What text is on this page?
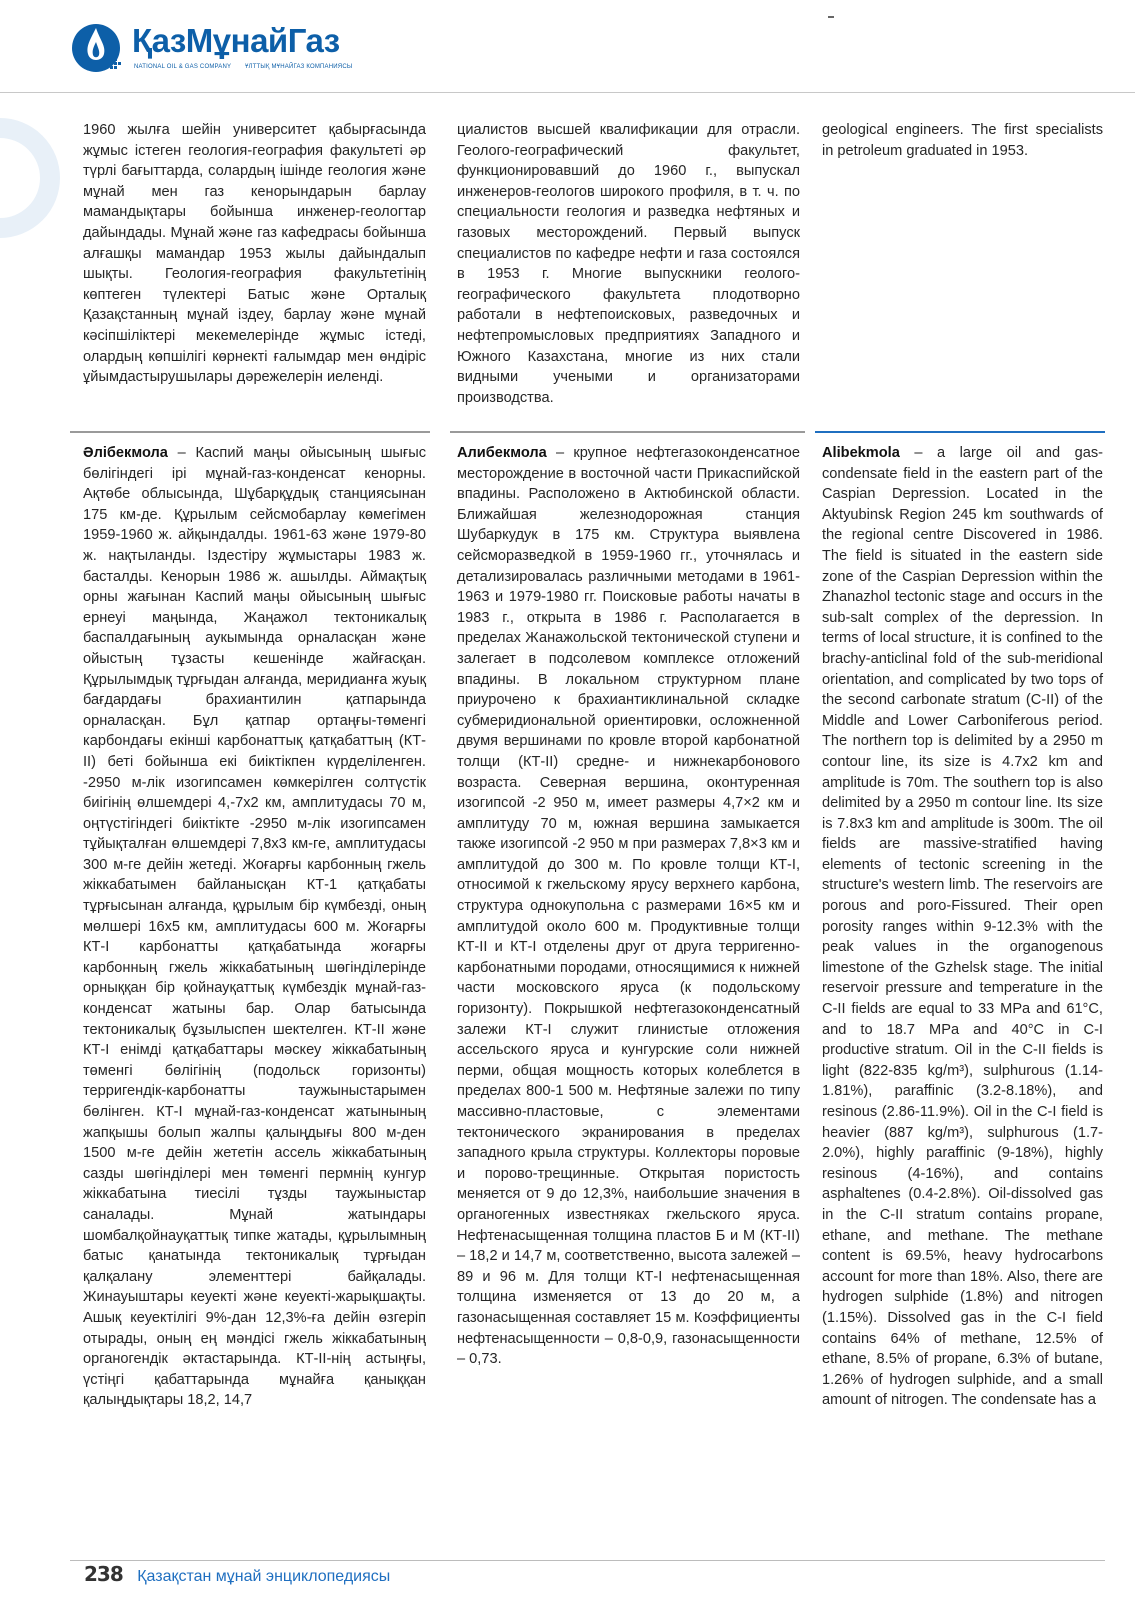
ҚазМұнайГаз
NATIONAL OIL & GAS COMPANY ҰЛТТЫҚ МҰНАЙГАЗ КОМПАНИЯСЫ
1960 жылға шейін университет қабырғасында жұмыс істеген геология-география факультеті әр түрлі бағыттарда, солардың ішінде геология және мұнай мен газ кенорындарын барлау мамандықтары бойынша инженер-геологтар дайындады. Мұнай және газ кафедрасы бойынша алғашқы мамандар 1953 жылы дайындалып шықты. Геология-география факультетінің көптеген түлектері Батыс және Орталық Қазақстанның мұнай іздеу, барлау және мұнай кәсіпшіліктері мекемелерінде жұмыс істеді, олардың көпшілігі көрнекті ғалымдар мен өндіріс ұйымдастырушылары дәрежелерін иеленді.
циалистов высшей квалификации для отрасли. Геолого-географический факультет, функционировавший до 1960 г., выпускал инженеров-геологов широкого профиля, в т. ч. по специальности геология и разведка нефтяных и газовых месторождений. Первый выпуск специалистов по кафедре нефти и газа состоялся в 1953 г. Многие выпускники геолого-географического факультета плодотворно работали в нефтепоисковых, разведочных и нефтепромысловых предприятиях Западного и Южного Казахстана, многие из них стали видными учеными и организаторами производства.
geological engineers. The first specialists in petroleum graduated in 1953.
Әлібекмола – Каспий маңы ойысының шығыс бөлігіндегі ірі мұнай-газ-конденсат кенорны. Ақтөбе облысында, Шұбарқұдық станциясынан 175 км-де. Құрылым сейсмобарлау көмегімен 1959-1960 ж. айқындалды. 1961-63 және 1979-80 ж. нақтыланды. Іздестіру жұмыстары 1983 ж. басталды. Кенорын 1986 ж. ашылды. Аймақтық орны жағынан Каспий маңы ойысының шығыс ернеуі маңында, Жаңажол тектоникалық баспалдағының аукымында орналасқан және ойыстың тұзасты кешенінде жайғасқан. Құрылымдық тұрғыдан алғанда, меридианға жуық бағдардағы брахиантилин қатпарында орналасқан. Бұл қатпар ортаңғы-төменгі карбондағы екінші карбонаттық қатқабаттың (КТ-ІІ) беті бойынша екі биіктікпен күрделіленген. -2950 м-лік изогипсамен көмкерілген солтүстік биігінің өлшемдері 4,-7х2 км, амплитудасы 70 м, оңтүстігіндегі биіктікте -2950 м-лік изогипсамен тұйықталған өлшемдері 7,8х3 км-ге, амплитудасы 300 м-ге дейін жетеді. Жоғарғы карбонның гжель жіккабатымен байланысқан КТ-1 қатқабаты тұрғысынан алғанда, құрылым бір күмбезді, оның мөлшері 16х5 км, амплитудасы 600 м. Жоғарғы КТ-І карбонатты қатқабатында жоғарғы карбонның гжель жіккабатының шөгінділерінде орныққан бір қойнауқаттық күмбездік мұнай-газ-конденсат жатыны бар. Олар батысында тектоникалық бұзылыспен шектелген. КТ-ІІ және КТ-І енімді қатқабаттары мәскеу жіккабатының төменгі бөлігінің (подольск горизонты) терригендік-карбонатты таужыныстарымен бөлінген. КТ-І мұнай-газ-конденсат жатынының жапқышы болып жалпы қалыңдығы 800 м-ден 1500 м-ге дейін жететін ассель жіккабатының сазды шөгінділері мен төменгі пермнің кунгур жіккабатына тиесілі тұзды таужыныстар саналады. Мұнай жатындары шомбалқойнауқаттық типке жатады, құрылымның батыс қанатында тектоникалық тұрғыдан қалқалану элементтері байқалады. Жинауыштары кеуекті және кеуекті-жарықшақты. Ашық кеуектілігі 9%-дан 12,3%-ға дейін өзгеріп отырады, оның ең мәндісі гжель жіккабатының органогендік әктастарында. КТ-ІІ-нің астыңғы, үстіңгі қабаттарында мұнайға қаныққан қалыңдықтары 18,2, 14,7
Алибекмола – крупное нефтегазоконденсатное месторождение в восточной части Прикаспийской впадины. Расположено в Актюбинской области. Ближайшая железнодорожная станция Шубаркудук в 175 км. Структура выявлена сейсморазведкой в 1959-1960 гг., уточнялась и детализировалась различными методами в 1961-1963 и 1979-1980 гг. Поисковые работы начаты в 1983 г., открыта в 1986 г. Располагается в пределах Жанажольской тектонической ступени и залегает в подсолевом комплексе отложений впадины. В локальном структурном плане приурочено к брахиантиклинальной складке субмеридиональной ориентировки, осложненной двумя вершинами по кровле второй карбонатной толщи (КТ-II) средне- и нижнекарбонового возраста. Северная вершина, оконтуренная изогипсой -2 950 м, имеет размеры 4,7×2 км и амплитуду 70 м, южная вершина замыкается также изогипсой -2 950 м при размерах 7,8×3 км и амплитудой до 300 м. По кровле толщи КТ-I, относимой к гжельскому ярусу верхнего карбона, структура однокупольна с размерами 16×5 км и амплитудой около 600 м. Продуктивные толщи КТ-II и КТ-I отделены друг от друга терригенно-карбонатными породами, относящимися к нижней части московского яруса (к подольскому горизонту). Покрышкой нефтегазоконденсатный залежи КТ-I служит глинистые отложения ассельского яруса и кунгурские соли нижней перми, общая мощность которых колеблется в пределах 800-1 500 м. Нефтяные залежи по типу массивно-пластовые, с элементами тектонического экранирования в пределах западного крыла структуры. Коллекторы поровые и порово-трещинные. Открытая пористость меняется от 9 до 12,3%, наибольшие значения в органогенных известняках гжельского яруса. Нефтенасыщенная толщина пластов Б и М (КТ-II) – 18,2 и 14,7 м, соответственно, высота залежей – 89 и 96 м. Для толщи КТ-I нефтенасыщенная толщина изменяется от 13 до 20 м, а газонасыщенная составляет 15 м. Коэффициенты нефтенасыщенности – 0,8-0,9, газонасыщенности – 0,73.
Alibekmola – a large oil and gas-condensate field in the eastern part of the Caspian Depression. Located in the Aktyubinsk Region 245 km southwards of the regional centre Discovered in 1986. The field is situated in the eastern side zone of the Caspian Depression within the Zhanazhol tectonic stage and occurs in the sub-salt complex of the depression. In terms of local structure, it is confined to the brachy-anticlinal fold of the sub-meridional orientation, and complicated by two tops of the second carbonate stratum (C-II) of the Middle and Lower Carboniferous period. The northern top is delimited by a 2950 m contour line, its size is 4.7x2 km and amplitude is 70m. The southern top is also delimited by a 2950 m contour line. Its size is 7.8x3 km and amplitude is 300m. The oil fields are massive-stratified having elements of tectonic screening in the structure's western limb. The reservoirs are porous and poro-Fissured. Their open porosity ranges within 9-12.3% with the peak values in the organogenous limestone of the Gzhelsk stage. The initial reservoir pressure and temperature in the C-II fields are equal to 33 MPa and 61°C, and to 18.7 MPa and 40°C in C-I productive stratum. Oil in the C-II fields is light (822-835 kg/m³), sulphurous (1.14-1.81%), paraffinic (3.2-8.18%), and resinous (2.86-11.9%). Oil in the C-I field is heavier (887 kg/m³), sulphurous (1.7-2.0%), highly paraffinic (9-18%), highly resinous (4-16%), and contains asphaltenes (0.4-2.8%). Oil-dissolved gas in the C-II stratum contains propane, ethane, and methane. The methane content is 69.5%, heavy hydrocarbons account for more than 18%. Also, there are hydrogen sulphide (1.8%) and nitrogen (1.15%). Dissolved gas in the C-I field contains 64% of methane, 12.5% of ethane, 8.5% of propane, 6.3% of butane, 1.26% of hydrogen sulphide, and a small amount of nitrogen. The condensate has a
238 Қазақстан мұнай энциклопедиясы
